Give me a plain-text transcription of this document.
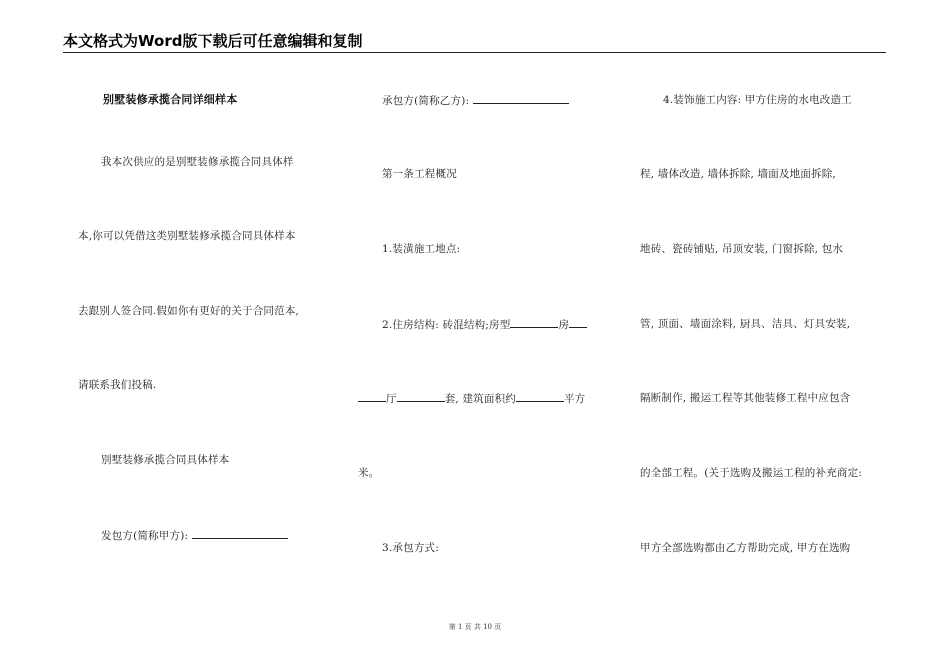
本文格式为Word版下载后可任意编辑和复制
别墅装修承揽合同详细样本
我本次供应的是别墅装修承揽合同具体样
本,你可以凭借这类别墅装修承揽合同具体样本
去跟别人签合同.假如你有更好的关于合同范本,
请联系我们投稿.
别墅装修承揽合同具体样本
发包方(简称甲方):
承包方(简称乙方):
第一条工程概况
1.装潢施工地点:
2.住房结构: 砖混结构;房型	房
厅	套, 建筑面积约	平方
米。
3.承包方式:
4.装饰施工内容: 甲方住房的水电改造工
程, 墙体改造, 墙体拆除, 墙面及地面拆除,
地砖、瓷砖铺贴, 吊顶安装, 门窗拆除, 包水
管, 顶面、墙面涂料, 厨具、洁具、灯具安装,
隔断制作, 搬运工程等其他装修工程中应包含
的全部工程。(关于选购及搬运工程的补充商定:
甲方全部选购都由乙方帮助完成, 甲方在选购
第 1 页 共 10 页
